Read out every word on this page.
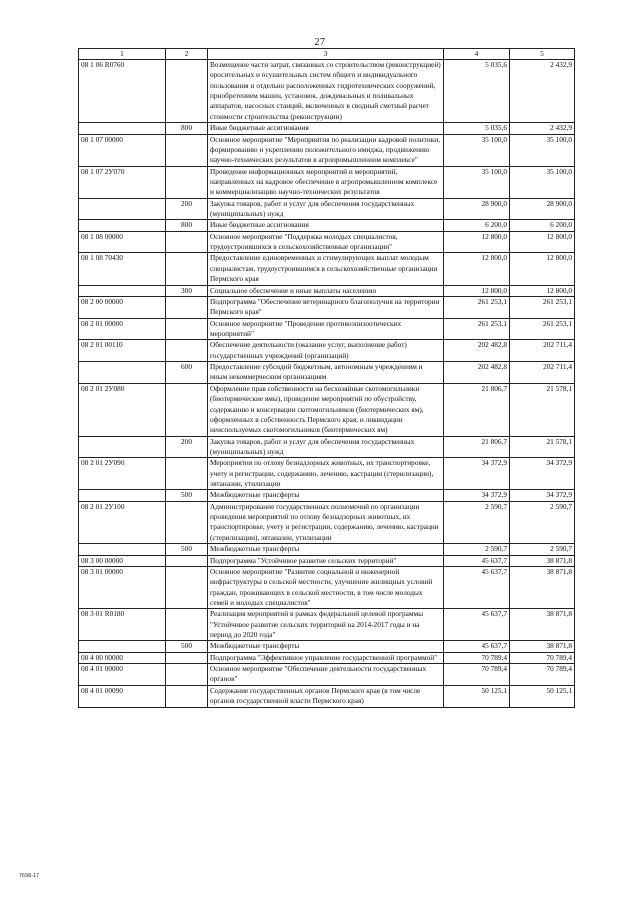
27
1	2	3	4	5
08 1 06 R0760		Возмещение части затрат, связанных со строительством (реконструкцией) оросительных и осушительных систем общего и индивидуального пользования и отдельно расположенных гидротехнических сооружений, приобретением машин, установок, дождевальных и поливальных аппаратов, насосных станций, включенных в сводный сметный расчет стоимости строительства (реконструкции)	5 035,6	2 432,9
	800	Иные бюджетные ассигнования	5 035,6	2 432,9
08 1 07 00000		Основное мероприятие "Мероприятия по реализации кадровой политики, формированию и укреплению положительного имиджа, продвижению научно-технических результатов в агропромышленном комплексе"	35 100,0	35 100,0
08 1 07 2У070		Проведение информационных мероприятий и мероприятий, направленных на кадровое обеспечение в агропромышленном комплексе и коммерциализацию научно-технических результатов	35 100,0	35 100,0
	200	Закупка товаров, работ и услуг для обеспечения государственных (муниципальных) нужд	28 900,0	28 900,0
	800	Иные бюджетные ассигнования	6 200,0	6 200,0
08 1 08 00000		Основное мероприятие "Поддержка молодых специалистов, трудоустроившихся в сельскохозяйственные организации"	12 800,0	12 800,0
08 1 08 70430		Предоставление единовременных и стимулирующих выплат молодым специалистам, трудоустроившимся в сельскохозяйственные организации Пермского края	12 800,0	12 800,0
	300	Социальное обеспечение и иные выплаты населению	12 800,0	12 800,0
08 2 00 00000		Подпрограмма "Обеспечение ветеринарного благополучия на территории Пермского края"	261 253,1	261 253,1
08 2 01 00000		Основное мероприятие "Проведение противоэпизоотических мероприятий"	261 253,1	261 253,1
08 2 01 00110		Обеспечение деятельности (оказание услуг, выполнение работ) государственных учреждений (организаций)	202 482,8	202 711,4
	600	Предоставление субсидий бюджетным, автономным учреждениям и иным некоммерческим организациям	202 482,8	202 711,4
08 2 01 2У080		Оформление прав собственности на бесхозяйные скотомогильники (биотермические ямы), проведение мероприятий по обустройству, содержанию и консервации скотомогильников (биотермических ям), оформленных в собственность Пермского края, и ликвидации неиспользуемых скотомогильников (биотермических ям)	21 806,7	21 578,1
	200	Закупка товаров, работ и услуг для обеспечения государственных (муниципальных) нужд	21 806,7	21 578,1
08 2 01 2У090		Мероприятия по отлову безнадзорных животных, их транспортировке, учету и регистрации, содержанию, лечению, кастрации (стерилизации), эвтаназии, утилизации	34 372,9	34 372,9
	500	Межбюджетные трансферты	34 372,9	34 372,9
08 2 01 2У100		Администрирование государственных полномочий по организации проведения мероприятий по отлову безнадзорных животных, их транспортировке, учету и регистрации, содержанию, лечению, кастрации (стерилизации), эвтаназии, утилизации	2 590,7	2 590,7
	500	Межбюджетные трансферты	2 590,7	2 590,7
08 3 00 00000		Подпрограмма "Устойчивое развитие сельских территорий"	45 637,7	38 871,8
08 3 01 00000		Основное мероприятие "Развитие социальной и инженерной инфраструктуры в сельской местности, улучшение жилищных условий граждан, проживающих в сельской местности, в том числе молодых семей и молодых специалистов"	45 637,7	38 871,8
08 3 01 R0180		Реализация мероприятий в рамках федеральной целевой программы "Устойчивое развитие сельских территорий на 2014-2017 годы и на период до 2020 года"	45 637,7	38 871,8
	500	Межбюджетные трансферты	45 637,7	38 871,8
08 4 00 00000		Подпрограмма "Эффективное управление государственной программой"	70 789,4	70 789,4
08 4 01 00000		Основное мероприятие "Обеспечение деятельности государственных органов"	70 789,4	70 789,4
08 4 01 00090		Содержание государственных органов Пермского края (в том числе органов государственной власти Пермского края)	50 125,1	50 125,1
7698-17
